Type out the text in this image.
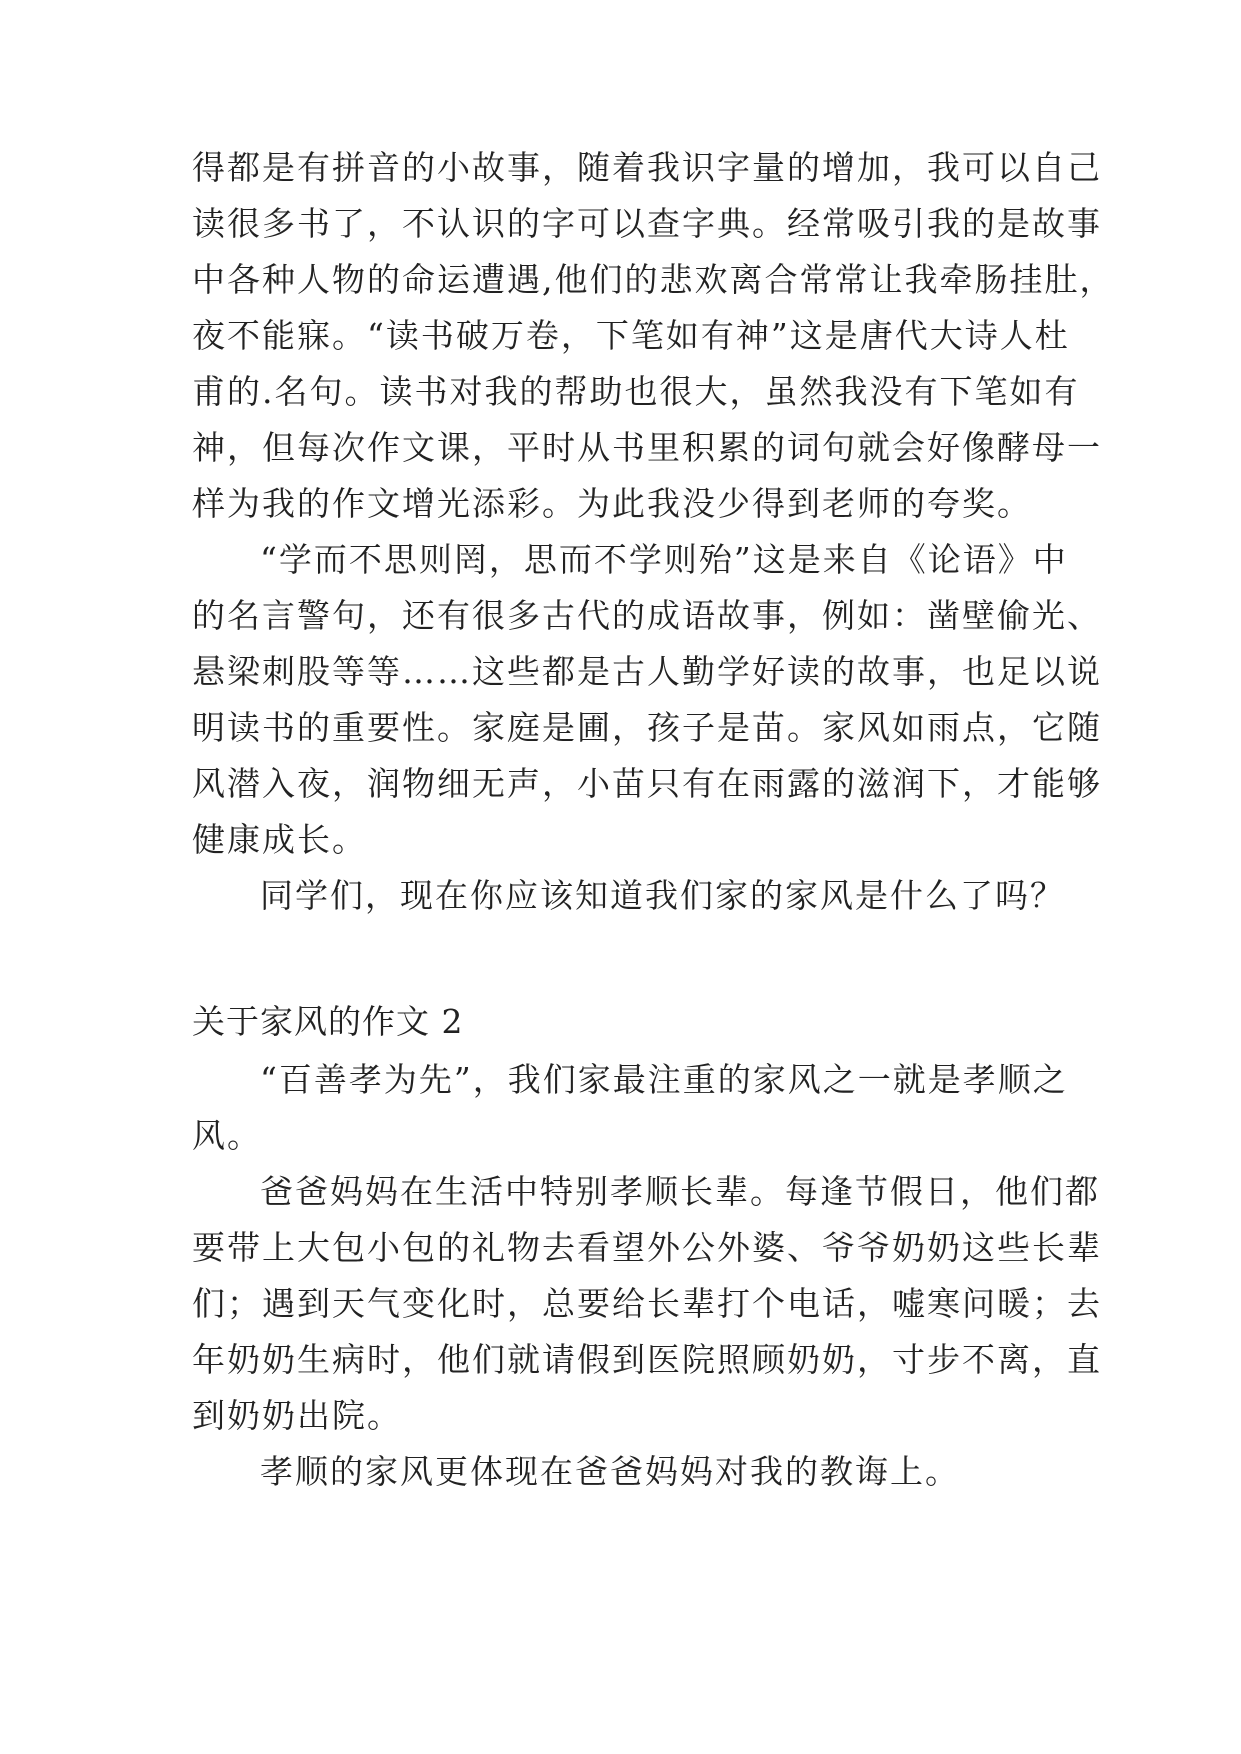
得都是有拼音的小故事，随着我识字量的增加，我可以自己
读很多书了，不认识的字可以查字典。经常吸引我的是故事
中各种人物的命运遭遇,他们的悲欢离合常常让我牵肠挂肚，
夜不能寐。“读书破万卷，下笔如有神”这是唐代大诗人杜
甫的.名句。读书对我的帮助也很大，虽然我没有下笔如有
神，但每次作文课，平时从书里积累的词句就会好像酵母一
样为我的作文增光添彩。为此我没少得到老师的夸奖。
“学而不思则罔，思而不学则殆”这是来自《论语》中
的名言警句，还有很多古代的成语故事，例如：凿壁偷光、
悬梁刺股等等……这些都是古人勤学好读的故事，也足以说
明读书的重要性。家庭是圃，孩子是苗。家风如雨点，它随
风潜入夜，润物细无声，小苗只有在雨露的滋润下，才能够
健康成长。
同学们，现在你应该知道我们家的家风是什么了吗？
关于家风的作文 2
“百善孝为先”，我们家最注重的家风之一就是孝顺之
风。
爸爸妈妈在生活中特别孝顺长辈。每逢节假日，他们都
要带上大包小包的礼物去看望外公外婆、爷爷奶奶这些长辈
们；遇到天气变化时，总要给长辈打个电话，嘘寒问暖；去
年奶奶生病时，他们就请假到医院照顾奶奶，寸步不离，直
到奶奶出院。
孝顺的家风更体现在爸爸妈妈对我的教诲上。
